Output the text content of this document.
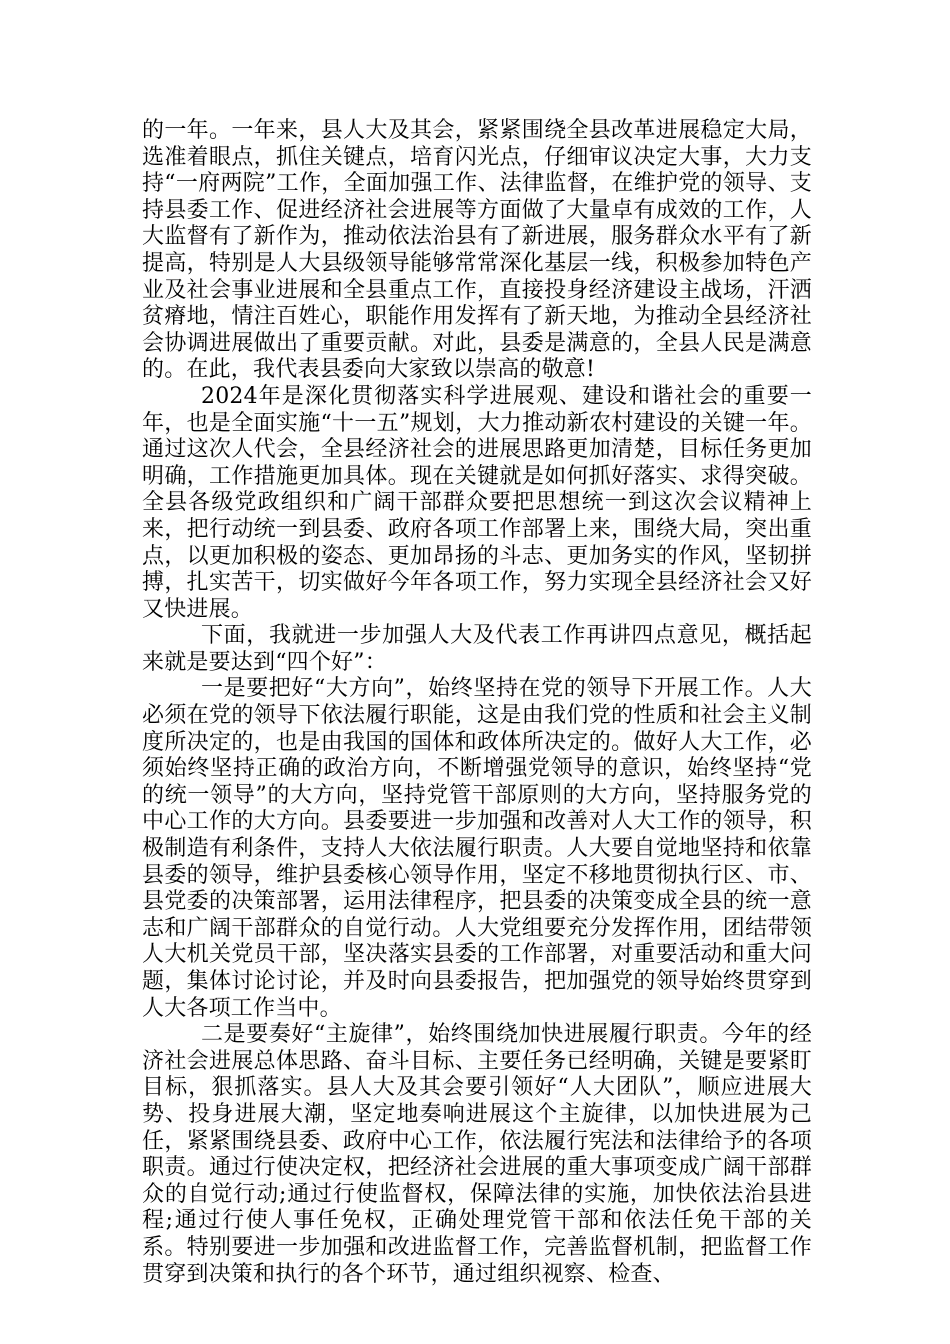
的一年。一年来，县人大及其会，紧紧围绕全县改革进展稳定大局，选准着眼点，抓住关键点，培育闪光点，仔细审议决定大事，大力支持“一府两院”工作，全面加强工作、法律监督，在维护党的领导、支持县委工作、促进经济社会进展等方面做了大量卓有成效的工作，人大监督有了新作为，推动依法治县有了新进展，服务群众水平有了新提高，特别是人大县级领导能够常常深化基层一线，积极参加特色产业及社会事业进展和全县重点工作，直接投身经济建设主战场，汗洒贫瘠地，情注百姓心，职能作用发挥有了新天地，为推动全县经济社会协调进展做出了重要贡献。对此，县委是满意的，全县人民是满意的。在此，我代表县委向大家致以崇高的敬意!

2024年是深化贯彻落实科学进展观、建设和谐社会的重要一年，也是全面实施“十一五”规划，大力推动新农村建设的关键一年。通过这次人代会，全县经济社会的进展思路更加清楚，目标任务更加明确，工作措施更加具体。现在关键就是如何抓好落实、求得突破。全县各级党政组织和广阔干部群众要把思想统一到这次会议精神上来，把行动统一到县委、政府各项工作部署上来，围绕大局，突出重点，以更加积极的姿态、更加昂扬的斗志、更加务实的作风，坚韧拼搏，扎实苦干，切实做好今年各项工作，努力实现全县经济社会又好又快进展。

下面，我就进一步加强人大及代表工作再讲四点意见，概括起来就是要达到“四个好”：

一是要把好“大方向”，始终坚持在党的领导下开展工作。人大必须在党的领导下依法履行职能，这是由我们党的性质和社会主义制度所决定的，也是由我国的国体和政体所决定的。做好人大工作，必须始终坚持正确的政治方向，不断增强党领导的意识，始终坚持“党的统一领导”的大方向，坚持党管干部原则的大方向，坚持服务党的中心工作的大方向。县委要进一步加强和改善对人大工作的领导，积极制造有利条件，支持人大依法履行职责。人大要自觉地坚持和依靠县委的领导，维护县委核心领导作用，坚定不移地贯彻执行区、市、县党委的决策部署，运用法律程序，把县委的决策变成全县的统一意志和广阔干部群众的自觉行动。人大党组要充分发挥作用，团结带领人大机关党员干部，坚决落实县委的工作部署，对重要活动和重大问题，集体讨论讨论，并及时向县委报告，把加强党的领导始终贯穿到人大各项工作当中。

二是要奏好“主旋律”，始终围绕加快进展履行职责。今年的经济社会进展总体思路、奋斗目标、主要任务已经明确，关键是要紧盯目标，狠抓落实。县人大及其会要引领好“人大团队”，顺应进展大势、投身进展大潮，坚定地奏响进展这个主旋律，以加快进展为己任，紧紧围绕县委、政府中心工作，依法履行宪法和法律给予的各项职责。通过行使决定权，把经济社会进展的重大事项变成广阔干部群众的自觉行动;通过行使监督权，保障法律的实施，加快依法治县进程;通过行使人事任免权，正确处理党管干部和依法任免干部的关系。特别要进一步加强和改进监督工作，完善监督机制，把监督工作贯穿到决策和执行的各个环节，通过组织视察、检查、
